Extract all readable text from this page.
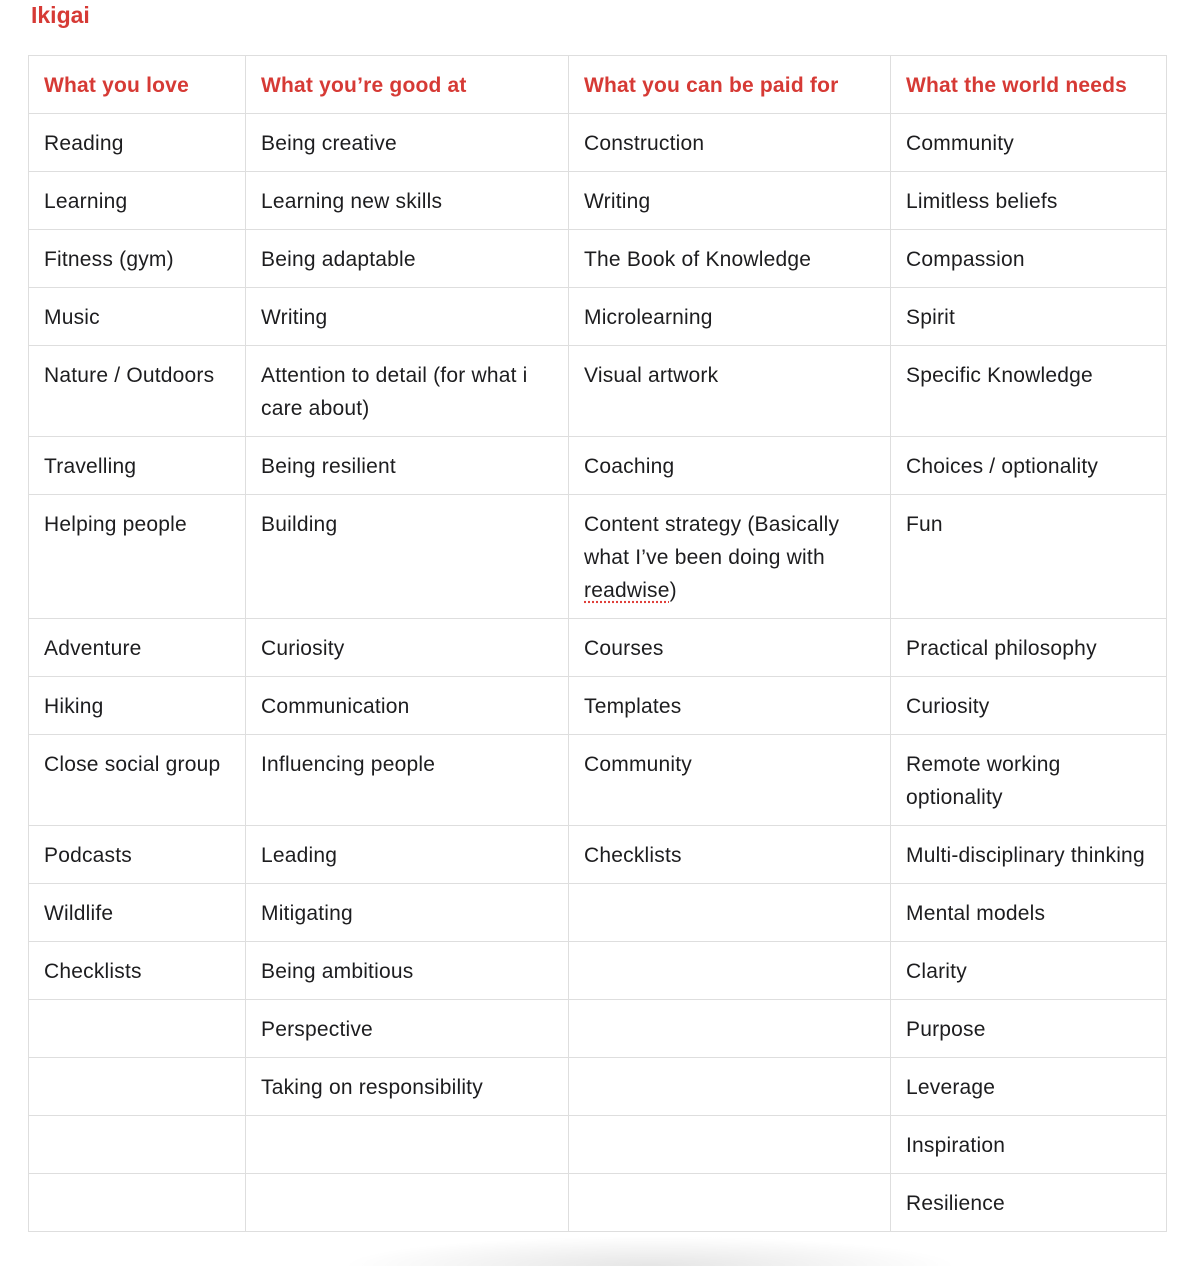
Ikigai
What you love	What you’re good at	What you can be paid for	What the world needs
Reading	Being creative	Construction	Community
Learning	Learning new skills	Writing	Limitless beliefs
Fitness (gym)	Being adaptable	The Book of Knowledge	Compassion
Music	Writing	Microlearning	Spirit
Nature / Outdoors	Attention to detail (for what i care about)	Visual artwork	Specific Knowledge
Travelling	Being resilient	Coaching	Choices / optionality
Helping people	Building	Content strategy (Basically what I’ve been doing with readwise)	Fun
Adventure	Curiosity	Courses	Practical philosophy
Hiking	Communication	Templates	Curiosity
Close social group	Influencing people	Community	Remote working optionality
Podcasts	Leading	Checklists	Multi-disciplinary thinking
Wildlife	Mitigating		Mental models
Checklists	Being ambitious		Clarity
	Perspective		Purpose
	Taking on responsibility		Leverage
			Inspiration
			Resilience
